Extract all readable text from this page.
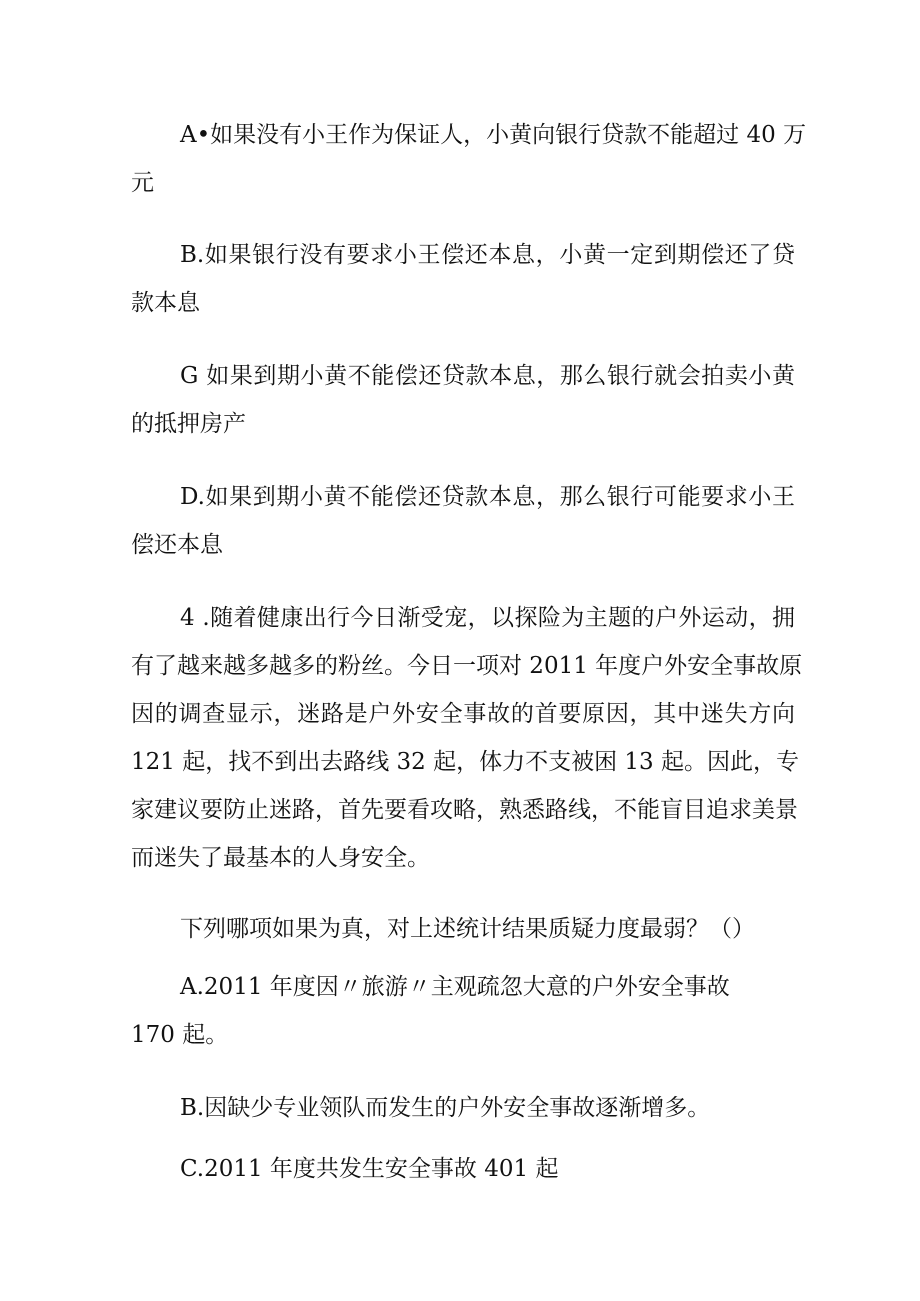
A•如果没有小王作为保证人，小黄向银行贷款不能超过 40 万
元

B.如果银行没有要求小王偿还本息，小黄一定到期偿还了贷
款本息

G 如果到期小黄不能偿还贷款本息，那么银行就会拍卖小黄
的抵押房产

D.如果到期小黄不能偿还贷款本息，那么银行可能要求小王
偿还本息

4 .随着健康出行今日渐受宠，以探险为主题的户外运动，拥
有了越来越多越多的粉丝。今日一项对 2011 年度户外安全事故原
因的调查显示，迷路是户外安全事故的首要原因，其中迷失方向
121 起，找不到出去路线 32 起，体力不支被困 13 起。因此，专
家建议要防止迷路，首先要看攻略，熟悉路线，不能盲目追求美景
而迷失了最基本的人身安全。

下列哪项如果为真，对上述统计结果质疑力度最弱？（）

A.2011 年度因〃旅游〃主观疏忽大意的户外安全事故
170 起。

B.因缺少专业领队而发生的户外安全事故逐渐增多。

C.2011 年度共发生安全事故 401 起
